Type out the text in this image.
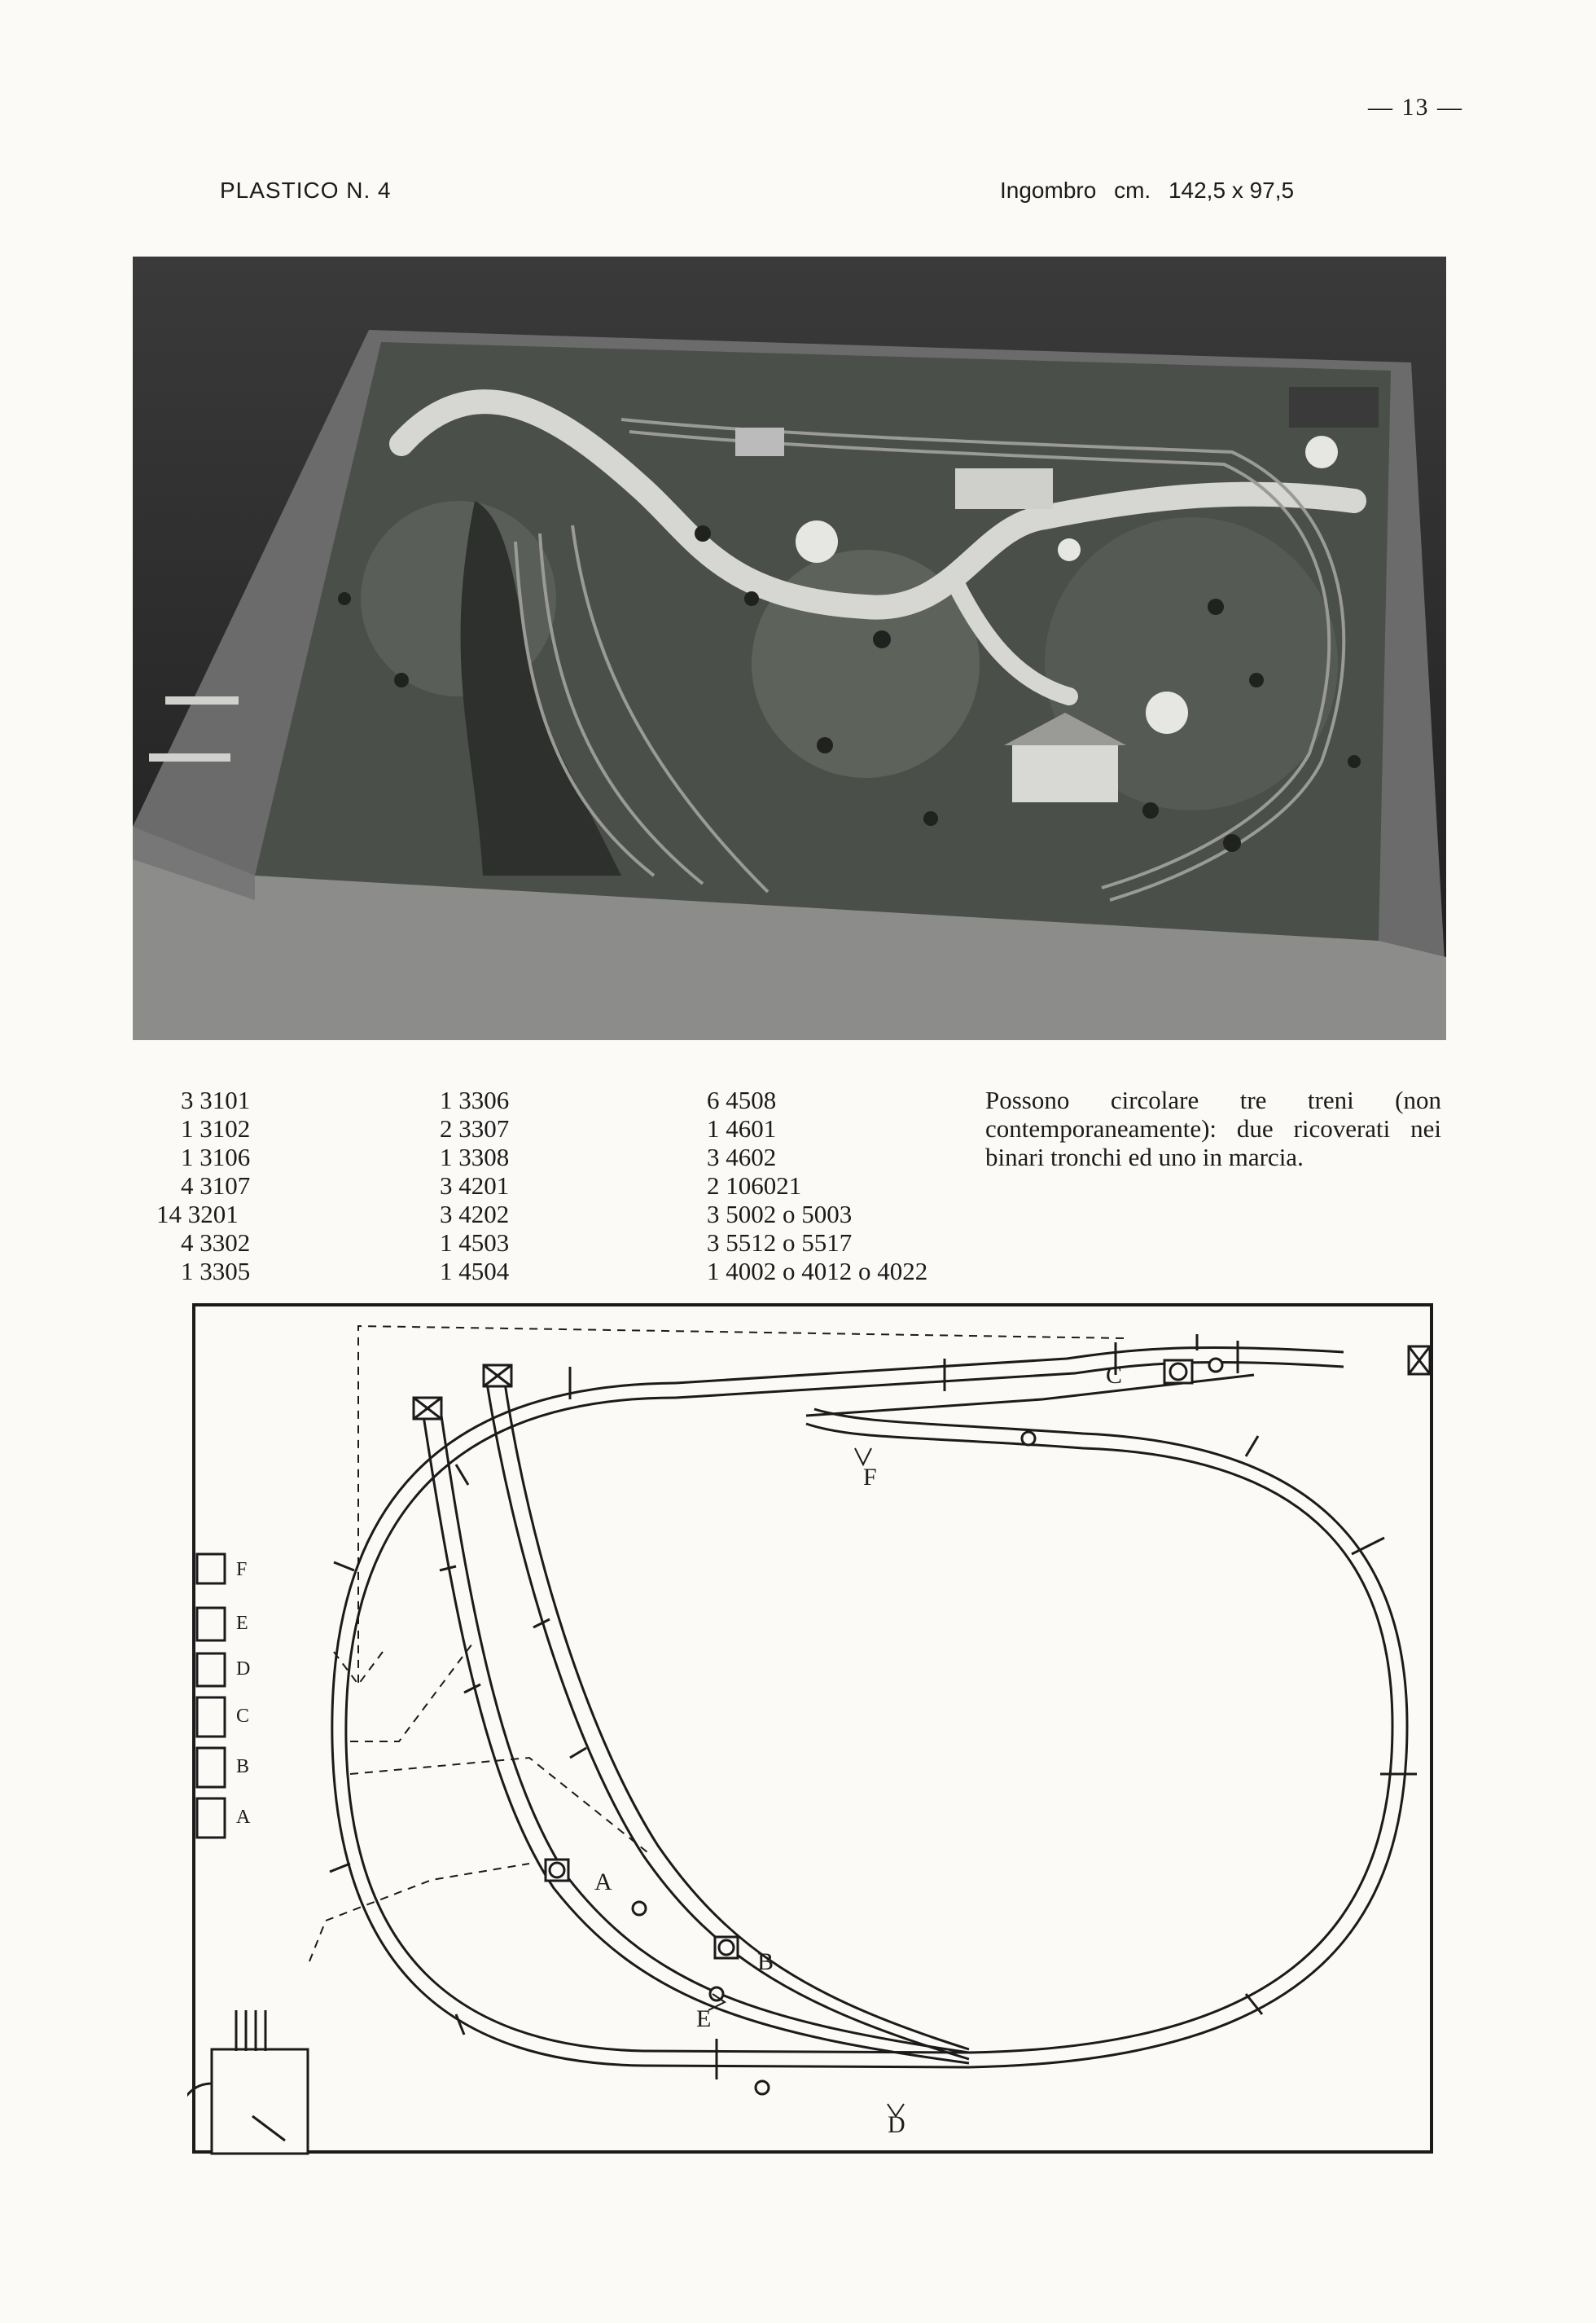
— 13 —
PLASTICO N. 4	Ingombro cm. 142,5 x 97,5
3 3101
1 3102
1 3106
4 3107
14 3201
4 3302
1 3305
1 3306
2 3307
1 3308
3 4201
3 4202
1 4503
1 4504
6 4508
1 4601
3 4602
2 106021
3 5002 o 5003
3 5512 o 5517
1 4002 o 4012 o 4022
Possono circolare tre treni (non contemporaneamente): due ricoverati nei binari tronchi ed uno in marcia.
A
B
C
D
E
F
F
E
D
C
B
A
